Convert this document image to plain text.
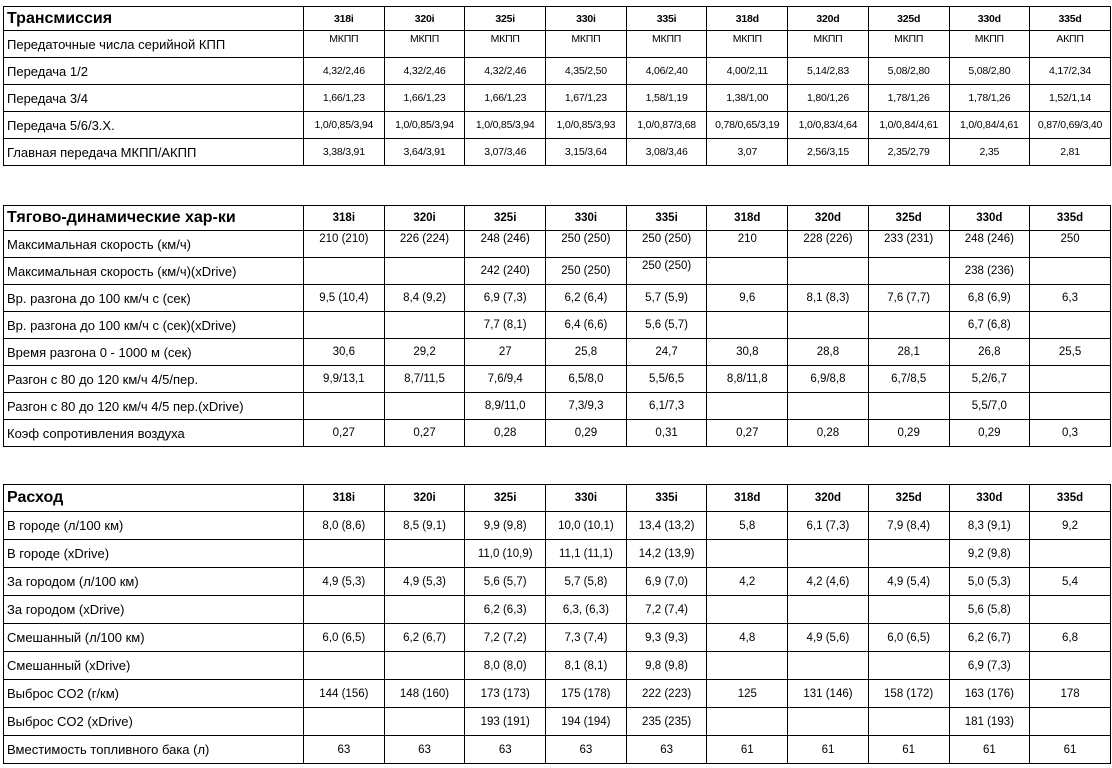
Трансмиссия	318i	320i	325i	330i	335i	318d	320d	325d	330d	335d
Передаточные числа серийной КПП	МКПП	МКПП	МКПП	МКПП	МКПП	МКПП	МКПП	МКПП	МКПП	АКПП
Передача 1/2	4,32/2,46	4,32/2,46	4,32/2,46	4,35/2,50	4,06/2,40	4,00/2,11	5,14/2,83	5,08/2,80	5,08/2,80	4,17/2,34
Передача 3/4	1,66/1,23	1,66/1,23	1,66/1,23	1,67/1,23	1,58/1,19	1,38/1,00	1,80/1,26	1,78/1,26	1,78/1,26	1,52/1,14
Передача 5/6/3.Х.	1,0/0,85/3,94	1,0/0,85/3,94	1,0/0,85/3,94	1,0/0,85/3,93	1,0/0,87/3,68	0,78/0,65/3,19	1,0/0,83/4,64	1,0/0,84/4,61	1,0/0,84/4,61	0,87/0,69/3,40
Главная передача МКПП/АКПП	3,38/3,91	3,64/3,91	3,07/3,46	3,15/3,64	3,08/3,46	3,07	2,56/3,15	2,35/2,79	2,35	2,81
Тягово-динамические хар-ки	318i	320i	325i	330i	335i	318d	320d	325d	330d	335d
Максимальная скорость (км/ч)	210 (210)	226 (224)	248 (246)	250 (250)	250 (250)	210	228 (226)	233 (231)	248 (246)	250
Максимальная скорость (км/ч)(xDrive)			242 (240)	250 (250)	250 (250)				238 (236)	
Вр. разгона до 100 км/ч с (сек)	9,5 (10,4)	8,4 (9,2)	6,9 (7,3)	6,2 (6,4)	5,7 (5,9)	9,6	8,1 (8,3)	7,6 (7,7)	6,8 (6,9)	6,3
Вр. разгона до 100 км/ч с (сек)(xDrive)			7,7 (8,1)	6,4 (6,6)	5,6 (5,7)				6,7 (6,8)	
Время разгона 0 - 1000 м (сек)	30,6	29,2	27	25,8	24,7	30,8	28,8	28,1	26,8	25,5
Разгон с 80 до 120 км/ч 4/5/пер.	9,9/13,1	8,7/11,5	7,6/9,4	6,5/8,0	5,5/6,5	8,8/11,8	6,9/8,8	6,7/8,5	5,2/6,7	
Разгон с 80 до 120 км/ч 4/5 пер.(xDrive)			8,9/11,0	7,3/9,3	6,1/7,3				5,5/7,0	
Коэф сопротивления воздуха	0,27	0,27	0,28	0,29	0,31	0,27	0,28	0,29	0,29	0,3
Расход	318i	320i	325i	330i	335i	318d	320d	325d	330d	335d
В городе (л/100 км)	8,0 (8,6)	8,5 (9,1)	9,9 (9,8)	10,0 (10,1)	13,4 (13,2)	5,8	6,1 (7,3)	7,9 (8,4)	8,3 (9,1)	9,2
В городе (xDrive)			11,0 (10,9)	11,1 (11,1)	14,2 (13,9)				9,2 (9,8)	
За городом (л/100 км)	4,9 (5,3)	4,9 (5,3)	5,6 (5,7)	5,7 (5,8)	6,9 (7,0)	4,2	4,2 (4,6)	4,9 (5,4)	5,0 (5,3)	5,4
За городом (xDrive)			6,2 (6,3)	6,3, (6,3)	7,2 (7,4)				5,6 (5,8)	
Смешанный (л/100 км)	6,0 (6,5)	6,2 (6,7)	7,2 (7,2)	7,3 (7,4)	9,3 (9,3)	4,8	4,9 (5,6)	6,0 (6,5)	6,2 (6,7)	6,8
Смешанный (xDrive)			8,0 (8,0)	8,1 (8,1)	9,8 (9,8)				6,9 (7,3)	
Выброс CO2 (г/км)	144 (156)	148 (160)	173 (173)	175 (178)	222 (223)	125	131 (146)	158 (172)	163 (176)	178
Выброс CO2 (xDrive)			193 (191)	194 (194)	235 (235)				181 (193)	
Вместимость топливного бака (л)	63	63	63	63	63	61	61	61	61	61
